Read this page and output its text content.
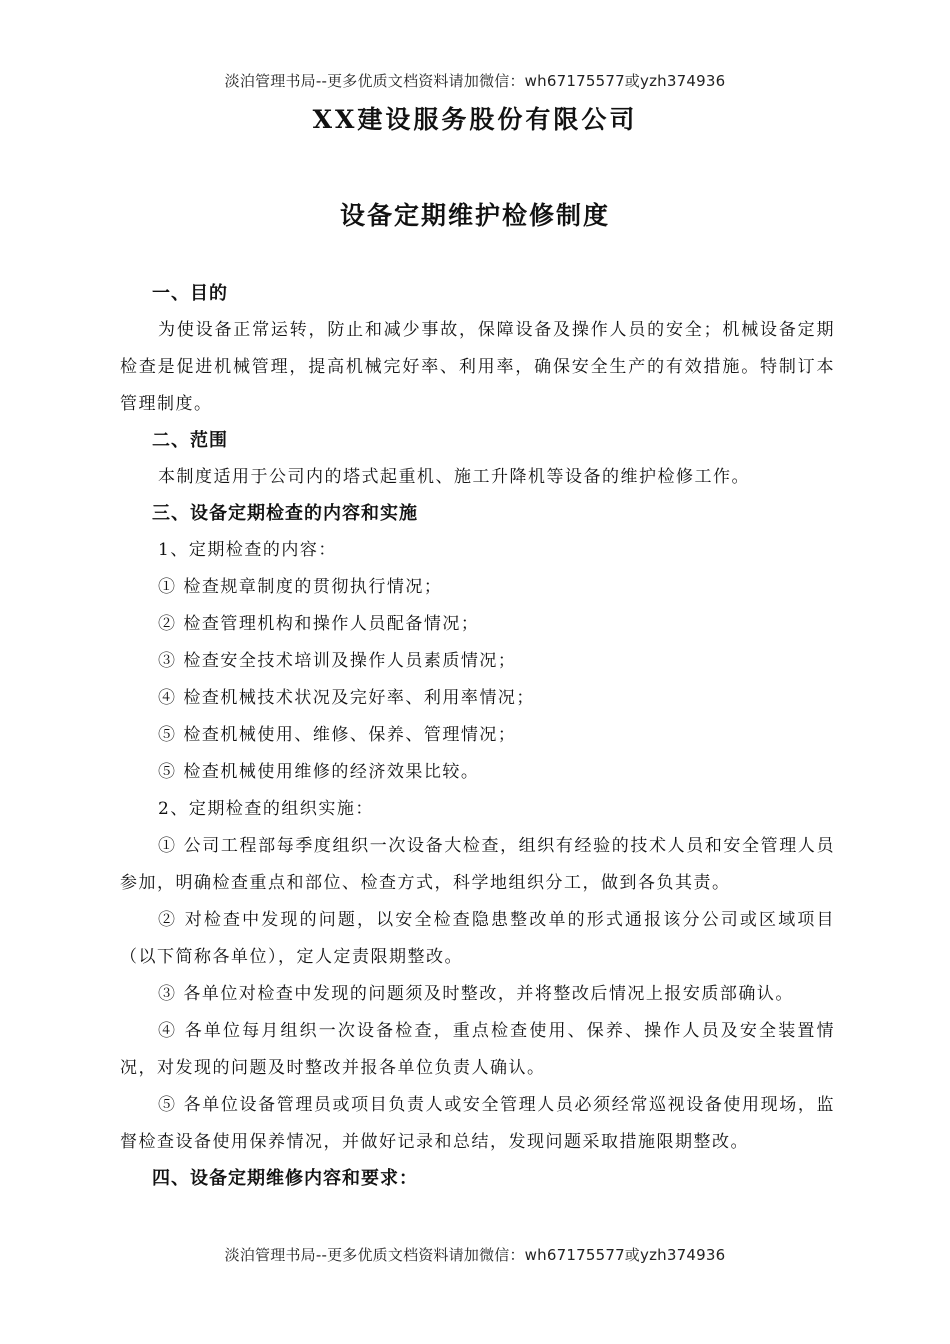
淡泊管理书局--更多优质文档资料请加微信：wh67175577或yzh374936
XX建设服务股份有限公司
设备定期维护检修制度
一、目的
为使设备正常运转，防止和减少事故，保障设备及操作人员的安全；机械设备定期检查是促进机械管理，提高机械完好率、利用率，确保安全生产的有效措施。特制订本管理制度。
二、范围
本制度适用于公司内的塔式起重机、施工升降机等设备的维护检修工作。
三、设备定期检查的内容和实施
1、定期检查的内容：
① 检查规章制度的贯彻执行情况；
② 检查管理机构和操作人员配备情况；
③ 检查安全技术培训及操作人员素质情况；
④ 检查机械技术状况及完好率、利用率情况；
⑤ 检查机械使用、维修、保养、管理情况；
⑤ 检查机械使用维修的经济效果比较。
2、定期检查的组织实施：
① 公司工程部每季度组织一次设备大检查，组织有经验的技术人员和安全管理人员参加，明确检查重点和部位、检查方式，科学地组织分工，做到各负其责。
② 对检查中发现的问题，以安全检查隐患整改单的形式通报该分公司或区域项目（以下简称各单位），定人定责限期整改。
③ 各单位对检查中发现的问题须及时整改，并将整改后情况上报安质部确认。
④ 各单位每月组织一次设备检查，重点检查使用、保养、操作人员及安全装置情况，对发现的问题及时整改并报各单位负责人确认。
⑤ 各单位设备管理员或项目负责人或安全管理人员必须经常巡视设备使用现场，监督检查设备使用保养情况，并做好记录和总结，发现问题采取措施限期整改。
四、设备定期维修内容和要求：
淡泊管理书局--更多优质文档资料请加微信：wh67175577或yzh374936
